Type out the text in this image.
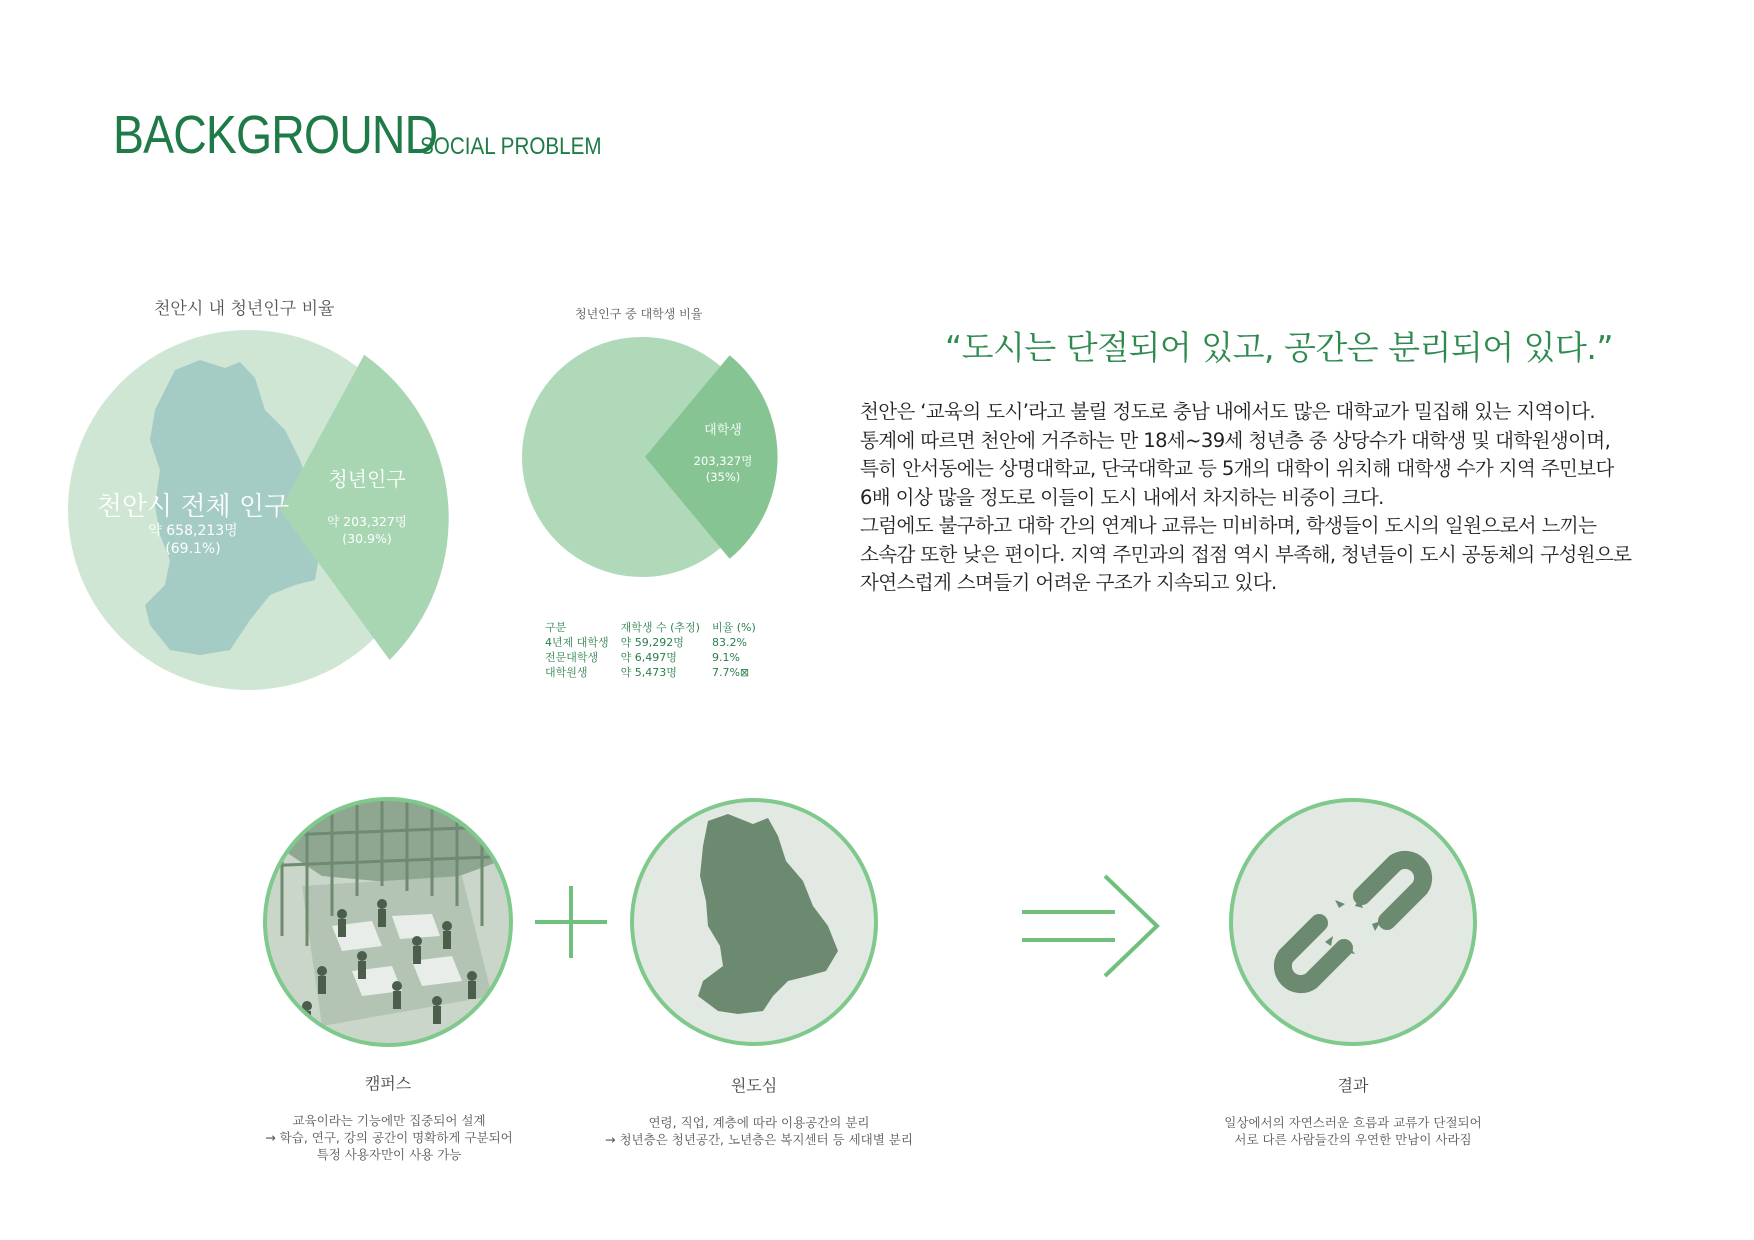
BACKGROUND
SOCIAL PROBLEM
천안시 내 청년인구 비율
천안시 전체 인구
약 658,213명
(69.1%)
청년인구
약 203,327명
(30.9%)
청년인구 중 대학생 비율
대학생
203,327명
(35%)
구분	재학생 수 (추정)	비율 (%)
4년제 대학생	약 59,292명	83.2%
전문대학생	약 6,497명	9.1%
대학원생	약 5,473명	7.7%⊠
“도시는 단절되어 있고, 공간은 분리되어 있다.”
천안은 ‘교육의 도시’라고 불릴 정도로 충남 내에서도 많은 대학교가 밀집해 있는 지역이다.
통계에 따르면 천안에 거주하는 만 18세~39세 청년층 중 상당수가 대학생 및 대학원생이며,
특히 안서동에는 상명대학교, 단국대학교 등 5개의 대학이 위치해 대학생 수가 지역 주민보다
6배 이상 많을 정도로 이들이 도시 내에서 차지하는 비중이 크다.
그럼에도 불구하고 대학 간의 연계나 교류는 미비하며, 학생들이 도시의 일원으로서 느끼는
소속감 또한 낮은 편이다. 지역 주민과의 접점 역시 부족해, 청년들이 도시 공동체의 구성원으로
자연스럽게 스며들기 어려운 구조가 지속되고 있다.
캠퍼스	원도심	결과
교육이라는 기능에만 집중되어 설계
→ 학습, 연구, 강의 공간이 명확하게 구분되어
특정 사용자만이 사용 가능
연령, 직업, 계층에 따라 이용공간의 분리
→ 청년층은 청년공간, 노년층은 복지센터 등 세대별 분리
일상에서의 자연스러운 흐름과 교류가 단절되어
서로 다른 사람들간의 우연한 만남이 사라짐
